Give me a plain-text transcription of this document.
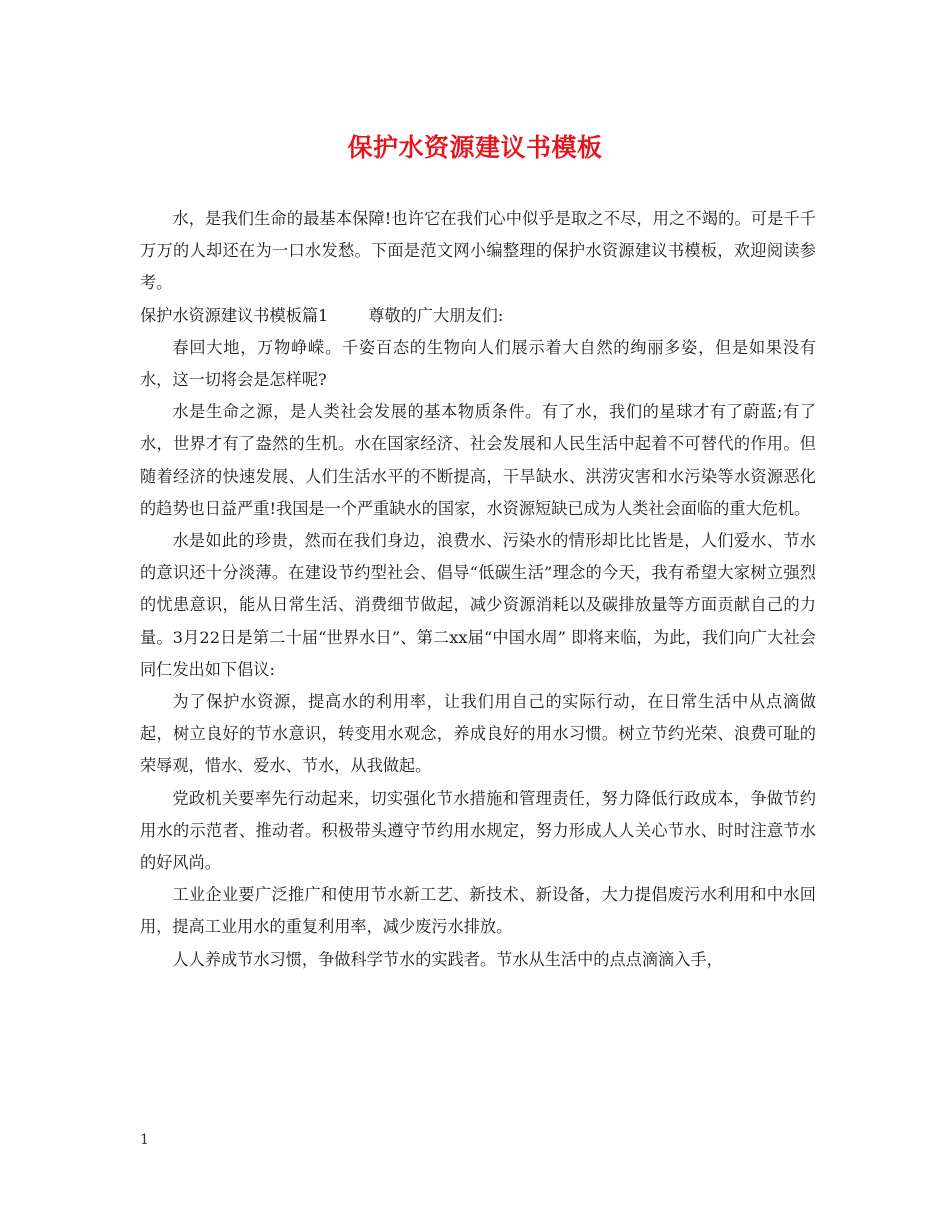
保护水资源建议书模板

水，是我们生命的最基本保障!也许它在我们心中似乎是取之不尽，用之不竭的。可是千千万万的人却还在为一口水发愁。下面是范文网小编整理的保护水资源建议书模板，欢迎阅读参考。

保护水资源建议书模板篇1 尊敬的广大朋友们:

春回大地，万物峥嵘。千姿百态的生物向人们展示着大自然的绚丽多姿，但是如果没有水，这一切将会是怎样呢?

水是生命之源，是人类社会发展的基本物质条件。有了水，我们的星球才有了蔚蓝;有了水，世界才有了盎然的生机。水在国家经济、社会发展和人民生活中起着不可替代的作用。但随着经济的快速发展、人们生活水平的不断提高，干旱缺水、洪涝灾害和水污染等水资源恶化的趋势也日益严重!我国是一个严重缺水的国家，水资源短缺已成为人类社会面临的重大危机。

水是如此的珍贵，然而在我们身边，浪费水、污染水的情形却比比皆是，人们爱水、节水的意识还十分淡薄。在建设节约型社会、倡导“低碳生活”理念的今天，我有希望大家树立强烈的忧患意识，能从日常生活、消费细节做起，减少资源消耗以及碳排放量等方面贡献自己的力量。3月22日是第二十届“世界水日”、第二xx届“中国水周” 即将来临，为此，我们向广大社会同仁发出如下倡议:

为了保护水资源，提高水的利用率，让我们用自己的实际行动，在日常生活中从点滴做起，树立良好的节水意识，转变用水观念，养成良好的用水习惯。树立节约光荣、浪费可耻的荣辱观，惜水、爱水、节水，从我做起。

党政机关要率先行动起来，切实强化节水措施和管理责任，努力降低行政成本，争做节约用水的示范者、推动者。积极带头遵守节约用水规定，努力形成人人关心节水、时时注意节水的好风尚。

工业企业要广泛推广和使用节水新工艺、新技术、新设备，大力提倡废污水利用和中水回用，提高工业用水的重复利用率，减少废污水排放。

人人养成节水习惯，争做科学节水的实践者。节水从生活中的点点滴滴入手，

1
